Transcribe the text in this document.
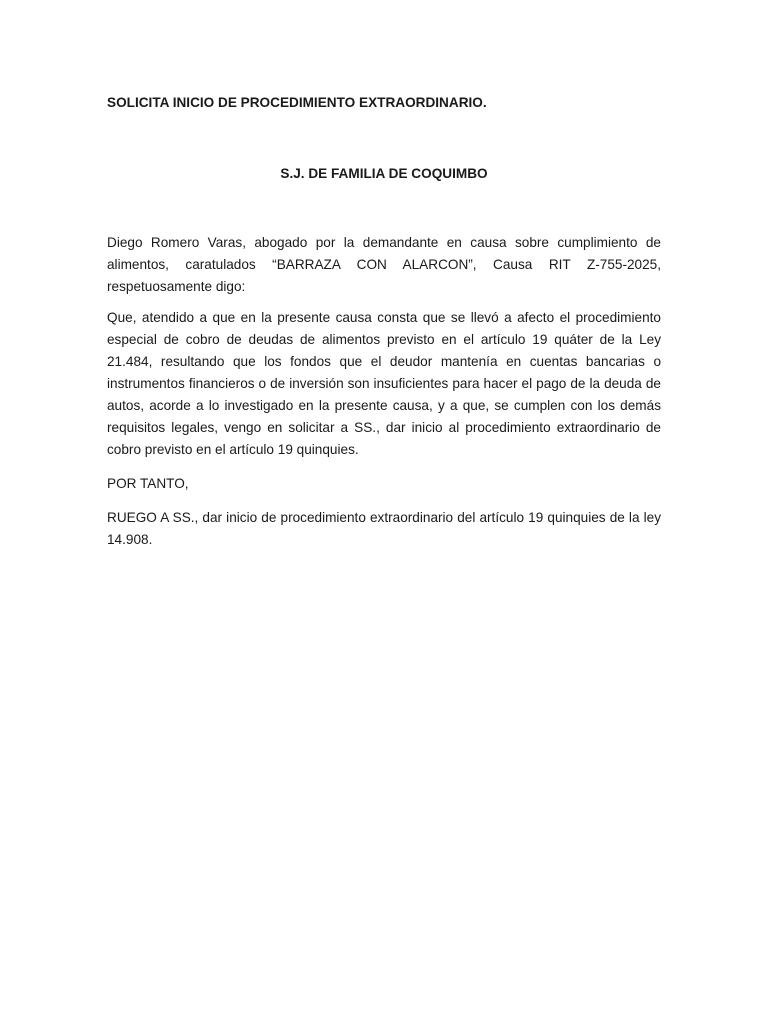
SOLICITA INICIO DE PROCEDIMIENTO EXTRAORDINARIO.

S.J. DE FAMILIA DE COQUIMBO

Diego Romero Varas, abogado por la demandante en causa sobre cumplimiento de alimentos, caratulados “BARRAZA CON ALARCON”, Causa RIT Z-755-2025, respetuosamente digo:

Que, atendido a que en la presente causa consta que se llevó a afecto el procedimiento especial de cobro de deudas de alimentos previsto en el artículo 19 quáter de la Ley 21.484, resultando que los fondos que el deudor mantenía en cuentas bancarias o instrumentos financieros o de inversión son insuficientes para hacer el pago de la deuda de autos, acorde a lo investigado en la presente causa, y a que, se cumplen con los demás requisitos legales, vengo en solicitar a SS., dar inicio al procedimiento extraordinario de cobro previsto en el artículo 19 quinquies.

POR TANTO,

RUEGO A SS., dar inicio de procedimiento extraordinario del artículo 19 quinquies de la ley 14.908.
